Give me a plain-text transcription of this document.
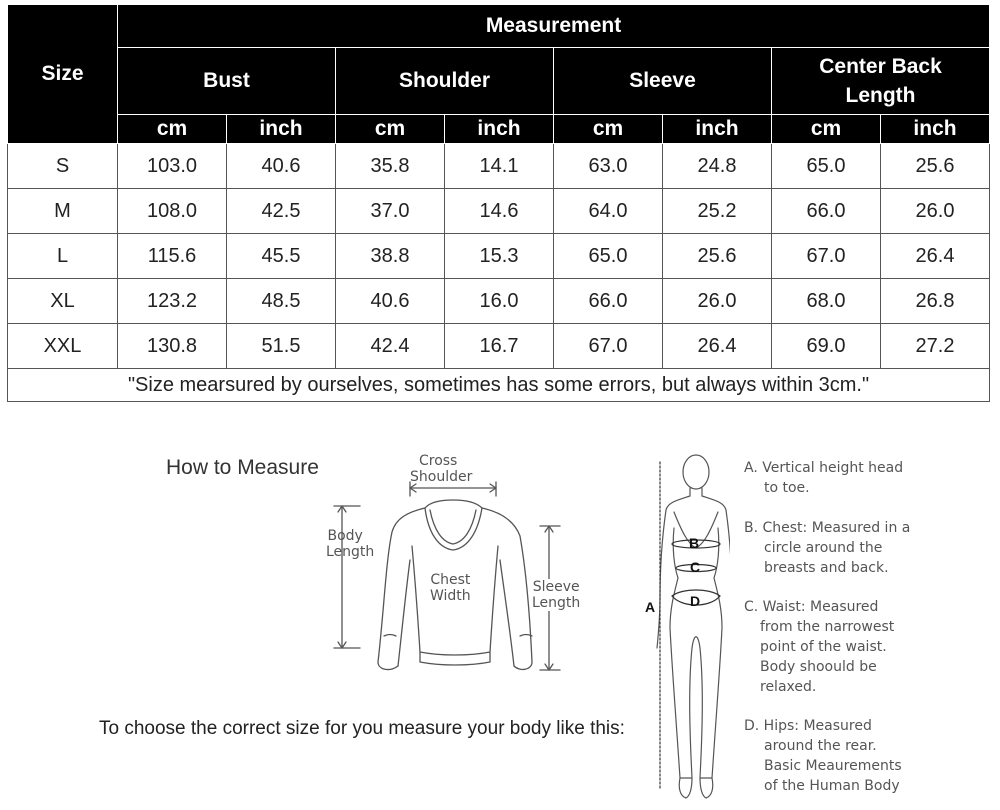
Size	Measurement							
	Bust		Shoulder		Sleeve		Center Back Length	
	cm	inch	cm	inch	cm	inch	cm	inch
S	103.0	40.6	35.8	14.1	63.0	24.8	65.0	25.6
M	108.0	42.5	37.0	14.6	64.0	25.2	66.0	26.0
L	115.6	45.5	38.8	15.3	65.0	25.6	67.0	26.4
XL	123.2	48.5	40.6	16.0	66.0	26.0	68.0	26.8
XXL	130.8	51.5	42.4	16.7	67.0	26.4	69.0	27.2
"Size mearsured by ourselves, sometimes has some errors, but always within 3cm."								
How to Measure	Cross
Shoulder
Body
Length
Chest
Width
Sleeve
Length
B
C
D
A
To choose the correct size for you measure your body like this:
A. Vertical height head
to toe.
B. Chest: Measured in a
circle around the
breasts and back.
C. Waist: Measured
from the narrowest
point of the waist.
Body shoould be
relaxed.
D. Hips: Measured
around the rear.
Basic Meaurements
of the Human Body
